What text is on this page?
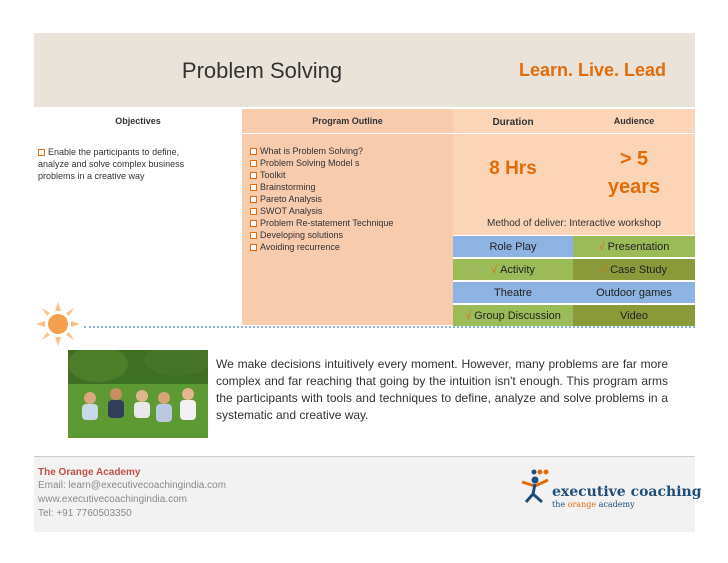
Problem Solving	Learn. Live. Lead
Objectives	Program Outline	Duration	Audience
Enable the participants to define,
analyze and solve complex business
problems in a creative way
What is Problem Solving?
Problem Solving Model s
Toolkit
Brainstorming
Pareto Analysis
SWOT Analysis
Problem Re-statement Technique
Developing solutions
Avoiding recurrence
8 Hrs	> 5
years
Method of deliver: Interactive workshop
Role Play	√ Presentation
√ Activity	√ Case Study
Theatre	Outdoor games
√ Group Discussion	Video
We make decisions intuitively every moment. However, many problems are far more complex and far reaching that going by the intuition isn't enough. This program arms the participants with tools and techniques to define, analyze and solve problems in a systematic and creative way.
The Orange Academy
Email: learn@executivecoachingindia.com
www.executivecoachingindia.com
Tel: +91 7760503350
executive coaching
the orange academy
